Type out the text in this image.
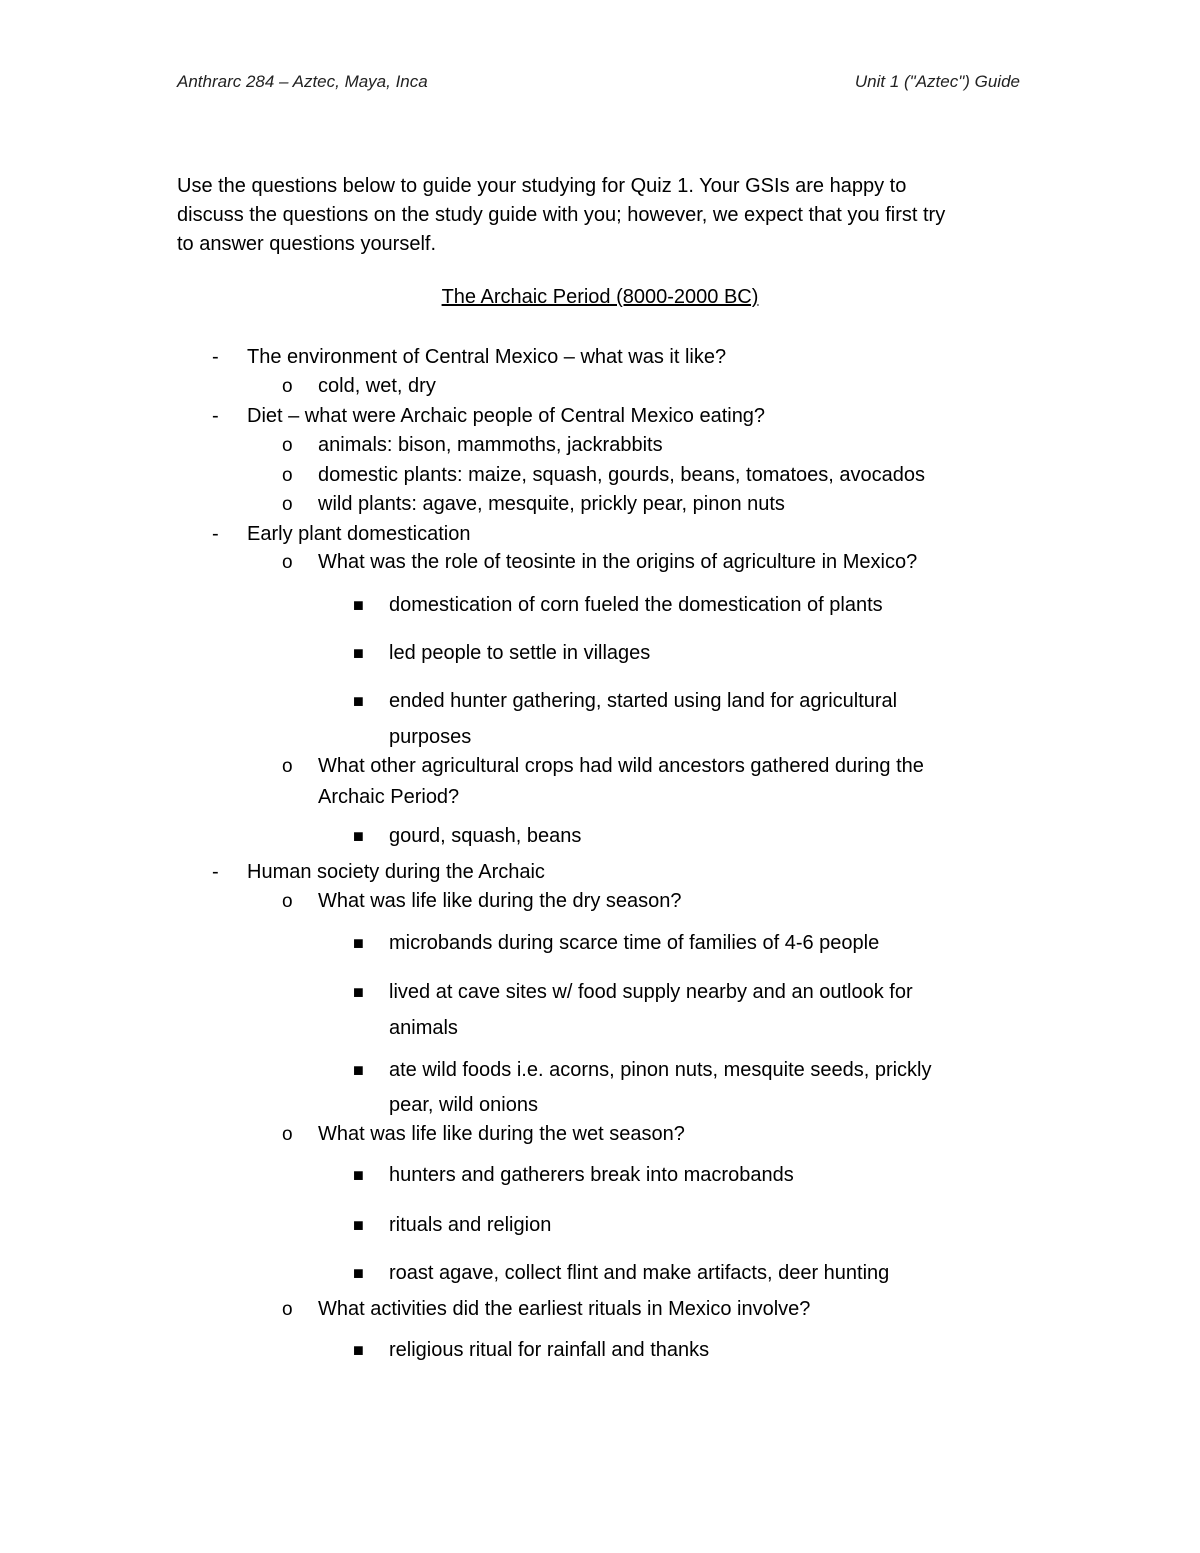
Anthrarc 284 – Aztec, Maya, Inca	Unit 1 ("Aztec") Guide
Use the questions below to guide your studying for Quiz 1. Your GSIs are happy to
discuss the questions on the study guide with you; however, we expect that you first try
to answer questions yourself.
The Archaic Period (8000-2000 BC)
- The environment of Central Mexico – what was it like?
o cold, wet, dry
- Diet – what were Archaic people of Central Mexico eating?
o animals: bison, mammoths, jackrabbits
o domestic plants: maize, squash, gourds, beans, tomatoes, avocados
o wild plants: agave, mesquite, prickly pear, pinon nuts
- Early plant domestication
o What was the role of teosinte in the origins of agriculture in Mexico?
■ domestication of corn fueled the domestication of plants
■ led people to settle in villages
■ ended hunter gathering, started using land for agricultural
purposes
o What other agricultural crops had wild ancestors gathered during the
Archaic Period?
■ gourd, squash, beans
- Human society during the Archaic
o What was life like during the dry season?
■ microbands during scarce time of families of 4-6 people
■ lived at cave sites w/ food supply nearby and an outlook for
animals
■ ate wild foods i.e. acorns, pinon nuts, mesquite seeds, prickly
pear, wild onions
o What was life like during the wet season?
■ hunters and gatherers break into macrobands
■ rituals and religion
■ roast agave, collect flint and make artifacts, deer hunting
o What activities did the earliest rituals in Mexico involve?
■ religious ritual for rainfall and thanks
